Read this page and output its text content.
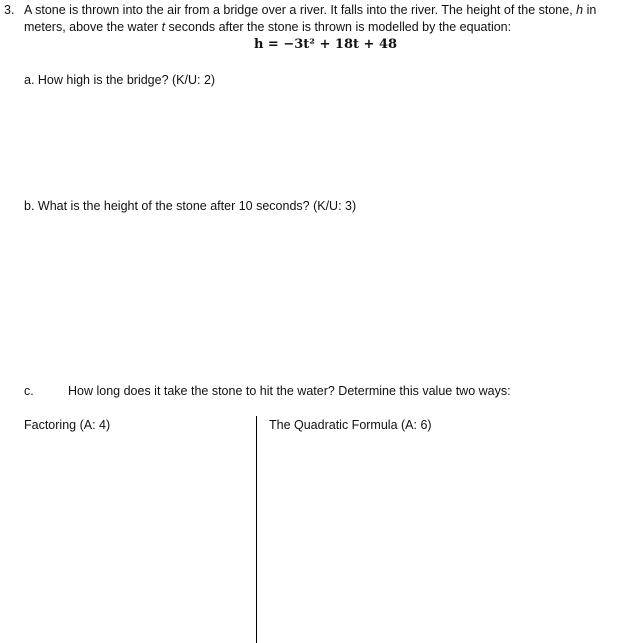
3. A stone is thrown into the air from a bridge over a river. It falls into the river. The height of the stone, h in
meters, above the water t seconds after the stone is thrown is modelled by the equation:
h = −3t² + 18t + 48
a. How high is the bridge? (K/U: 2)
b. What is the height of the stone after 10 seconds? (K/U: 3)
c.	How long does it take the stone to hit the water? Determine this value two ways:
Factoring (A: 4)	The Quadratic Formula (A: 6)
